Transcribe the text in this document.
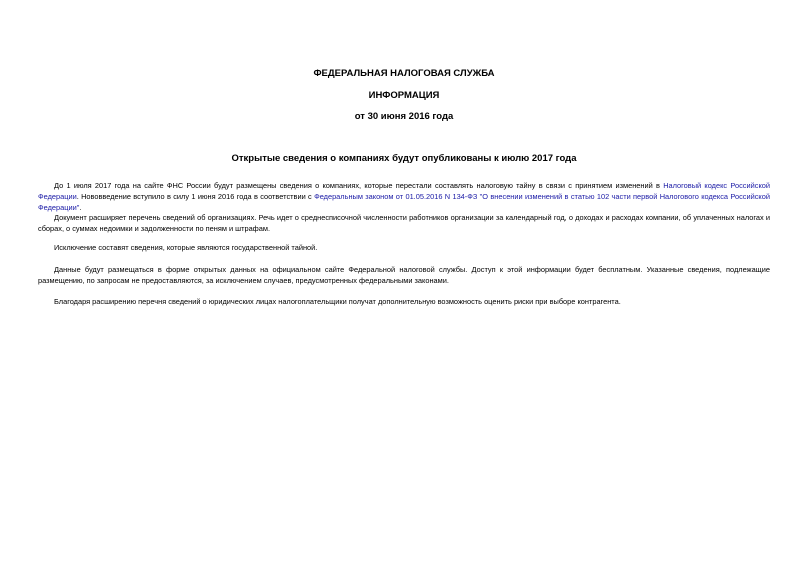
ФЕДЕРАЛЬНАЯ НАЛОГОВАЯ СЛУЖБА
ИНФОРМАЦИЯ
от 30 июня 2016 года
Открытые сведения о компаниях будут опубликованы к июлю 2017 года
До 1 июля 2017 года на сайте ФНС России будут размещены сведения о компаниях, которые перестали составлять налоговую тайну в связи с принятием изменений в Налоговый кодекс Российской Федерации. Нововведение вступило в силу 1 июня 2016 года в соответствии с Федеральным законом от 01.05.2016 N 134-ФЗ "О внесении изменений в статью 102 части первой Налогового кодекса Российской Федерации".
Документ расширяет перечень сведений об организациях. Речь идет о среднесписочной численности работников организации за календарный год, о доходах и расходах компании, об уплаченных налогах и сборах, о суммах недоимки и задолженности по пеням и штрафам.
Исключение составят сведения, которые являются государственной тайной.
Данные будут размещаться в форме открытых данных на официальном сайте Федеральной налоговой службы. Доступ к этой информации будет бесплатным. Указанные сведения, подлежащие размещению, по запросам не предоставляются, за исключением случаев, предусмотренных федеральными законами.
Благодаря расширению перечня сведений о юридических лицах налогоплательщики получат дополнительную возможность оценить риски при выборе контрагента.
